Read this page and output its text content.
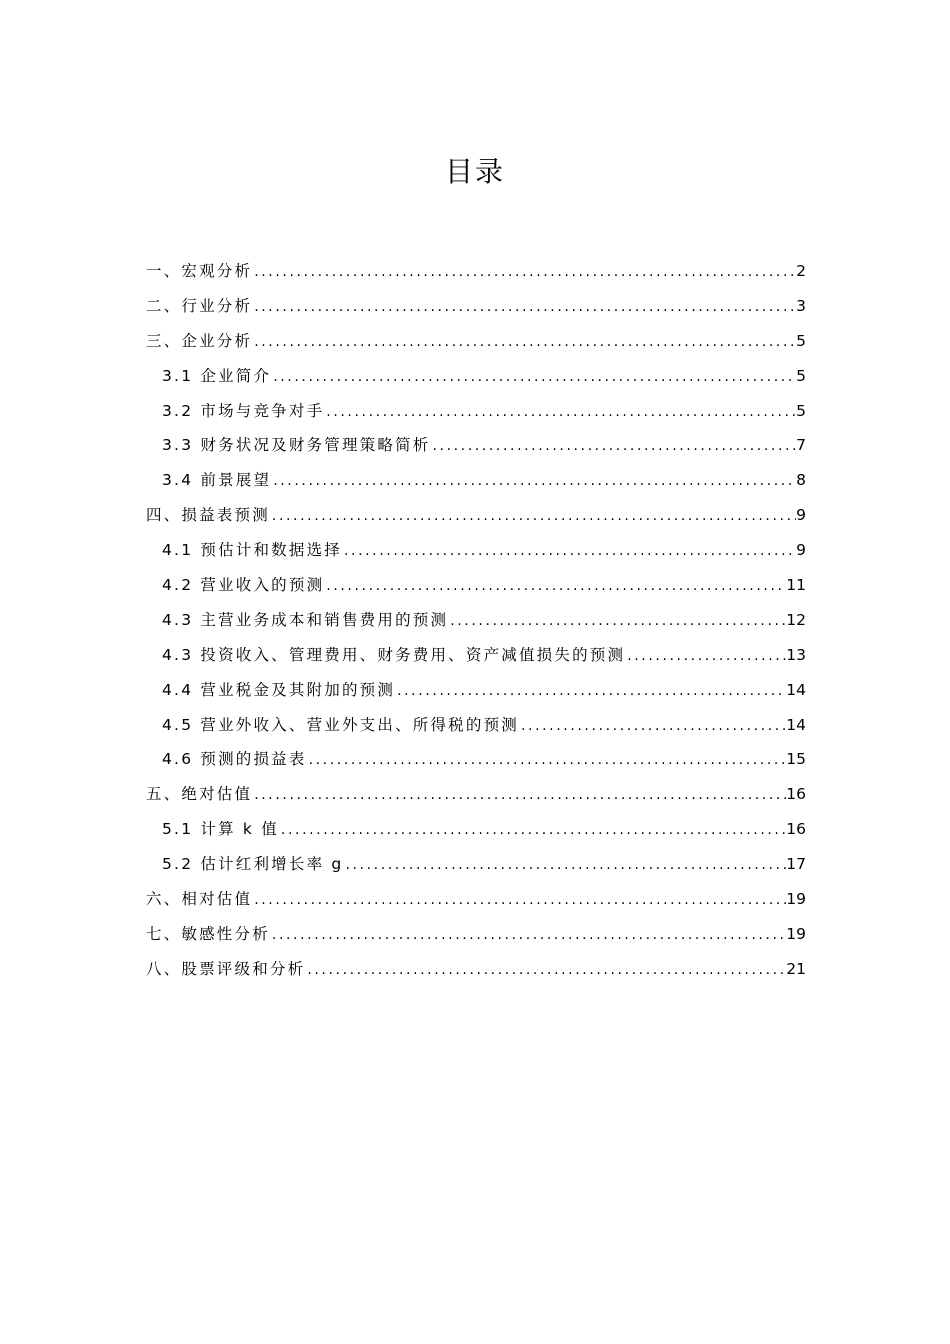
目录
一、宏观分析 .....	2
二、行业分析 .....	3
三、企业分析 .....	5
3.1 企业简介 .....	5
3.2 市场与竞争对手 .....	5
3.3 财务状况及财务管理策略简析 .....	7
3.4 前景展望 .....	8
四、损益表预测 .....	9
4.1 预估计和数据选择 .....	9
4.2 营业收入的预测 .....	11
4.3 主营业务成本和销售费用的预测 .....	12
4.3 投资收入、管理费用、财务费用、资产减值损失的预测 .....	13
4.4 营业税金及其附加的预测 .....	14
4.5 营业外收入、营业外支出、所得税的预测 .....	14
4.6 预测的损益表 .....	15
五、绝对估值 .....	16
5.1 计算 k 值 .....	16
5.2 估计红利增长率 g .....	17
六、相对估值 .....	19
七、敏感性分析 .....	19
八、股票评级和分析 .....	21
